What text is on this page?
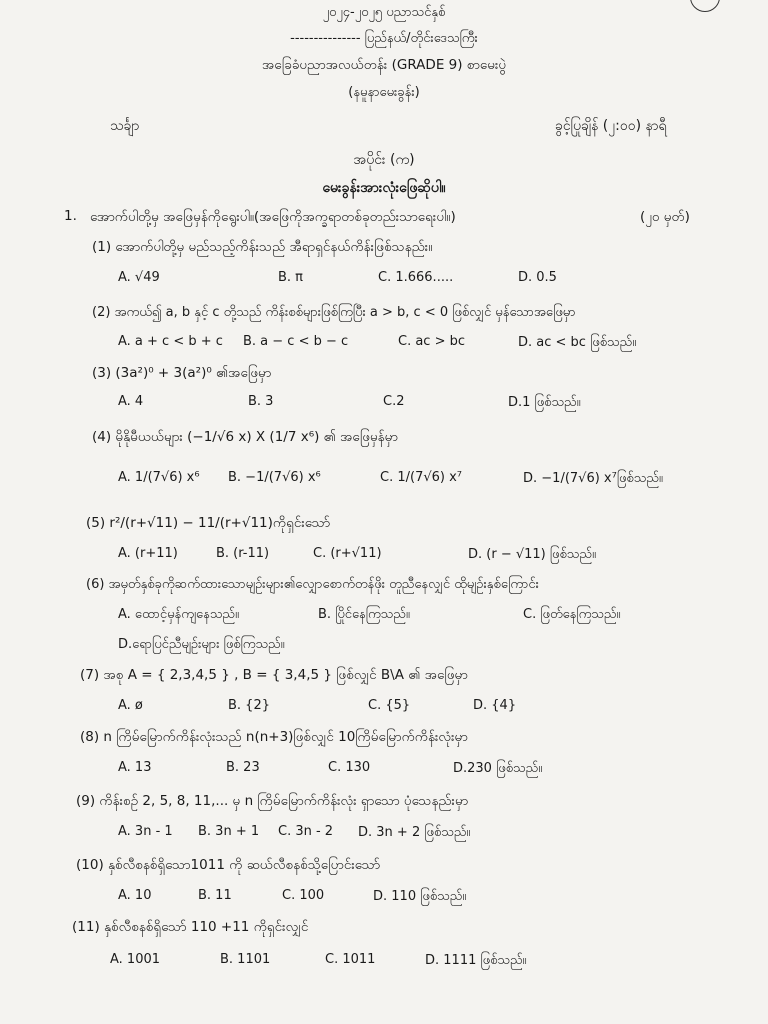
၂၀၂၄-၂၀၂၅ ပညာသင်နှစ်
--------------- ပြည်နယ်/တိုင်းဒေသကြီး
အခြေခံပညာအလယ်တန်း (GRADE 9) စာမေးပွဲ
(နမူနာမေးခွန်း)
သင်္ချာ	ခွင့်ပြုချိန် (၂:၀၀) နာရီ
အပိုင်း (က)
မေးခွန်းအားလုံးဖြေဆိုပါ။
1. အောက်ပါတို့မှ အဖြေမှန်ကိုရွေးပါ။(အဖြေကိုအက္ခရာတစ်ခုတည်းသာရေးပါ။)	(၂၀ မှတ်)
(1) အောက်ပါတို့မှ မည်သည့်ကိန်းသည် အီရာရှင်နယ်ကိန်းဖြစ်သနည်း။
A. √49	B. π	C. 1.666.....	D. 0.5
(2) အကယ်၍ a, b နှင့် c တို့သည် ကိန်းစစ်များဖြစ်ကြပြီး a > b, c < 0 ဖြစ်လျှင် မှန်သောအဖြေမှာ
A. a + c < b + c B. a − c < b − c	C. ac > bc	D. ac < bc ဖြစ်သည်။
(3) (3a²)⁰ + 3(a²)⁰ ၏အဖြေမှာ
A. 4	B. 3	C.2	D.1 ဖြစ်သည်။
(4) မိုနိုမီယယ်များ (−1/√6 x) X (1/7 x⁶) ၏ အဖြေမှန်မှာ
A. 1/(7√6) x⁶ B. −1/(7√6) x⁶	C. 1/(7√6) x⁷	D. −1/(7√6) x⁷ဖြစ်သည်။
(5) r²/(r+√11) − 11/(r+√11)ကိုရှင်းသော်
A. (r+11)	B. (r-11)	C. (r+√11)	D. (r − √11) ဖြစ်သည်။
(6) အမှတ်နှစ်ခုကိုဆက်ထားသောမျဉ်းများ၏လျှောစောက်တန်ဖိုး တူညီနေလျှင် ထိုမျဉ်းနှစ်ကြောင်း
A. ထောင့်မှန်ကျနေသည်။	B. ပြိုင်နေကြသည်။	C. ဖြတ်နေကြသည်။
D.ရောပြင်ညီမျဉ်းများ ဖြစ်ကြသည်။
(7) အစု A = { 2,3,4,5 } , B = { 3,4,5 } ဖြစ်လျှင် B\A ၏ အဖြေမှာ
A. ø	B. {2}	C. {5}	D. {4}
(8) n ကြိမ်မြောက်ကိန်းလုံးသည် n(n+3)ဖြစ်လျှင် 10ကြိမ်မြောက်ကိန်းလုံးမှာ
A. 13	B. 23	C. 130	D.230 ဖြစ်သည်။
(9) ကိန်းစဉ် 2, 5, 8, 11,... မှ n ကြိမ်မြောက်ကိန်းလုံး ရှာသော ပုံသေနည်းမှာ
A. 3n - 1 B. 3n + 1 C. 3n - 2 D. 3n + 2 ဖြစ်သည်။
(10) နှစ်လီစနစ်ရှိသော1011 ကို ဆယ်လီစနစ်သို့ပြောင်းသော်
A. 10	B. 11	C. 100	D. 110 ဖြစ်သည်။
(11) နှစ်လီစနစ်ရှိသော် 110 +11 ကိုရှင်းလျှင်
A. 1001	B. 1101	C. 1011	D. 1111 ဖြစ်သည်။
